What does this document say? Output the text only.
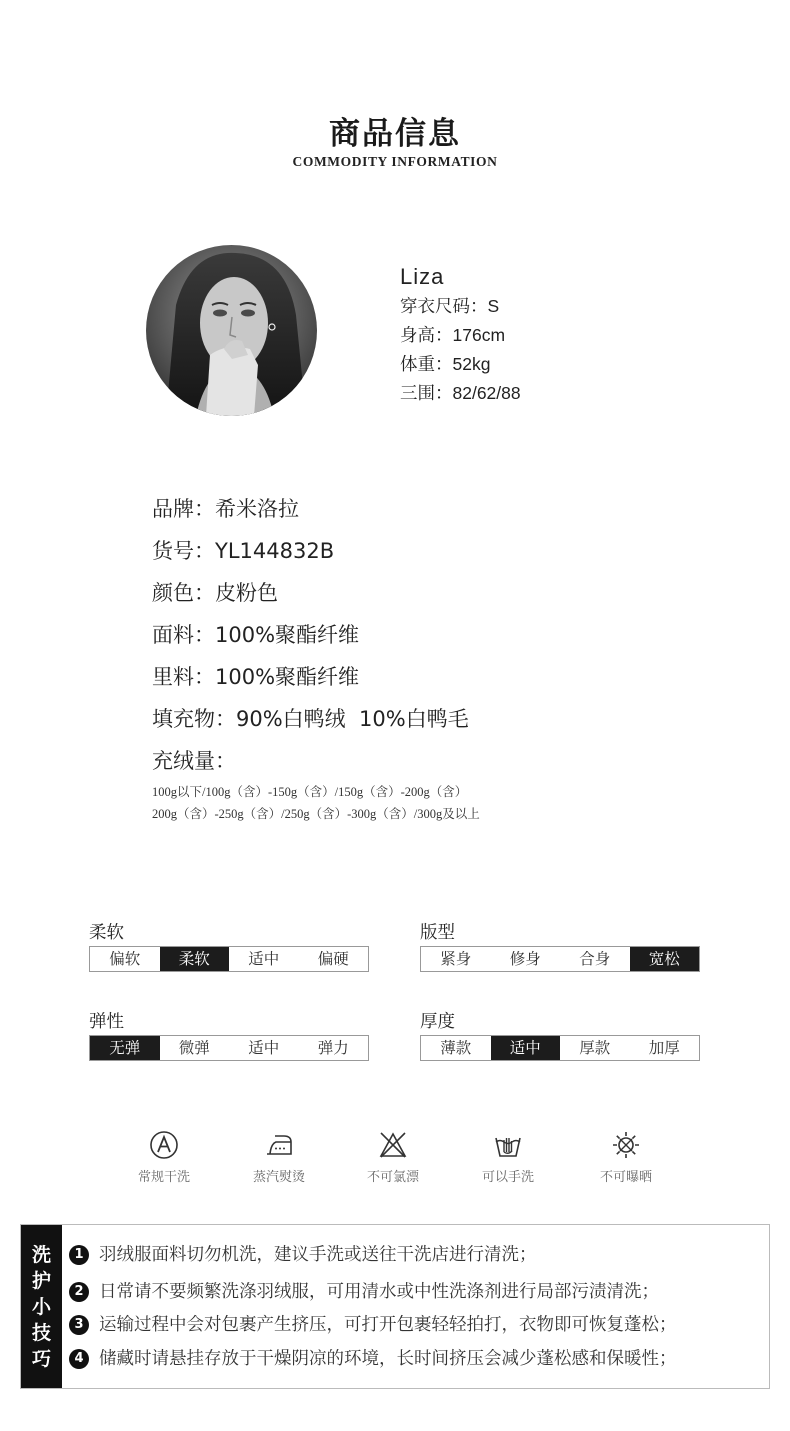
商品信息
COMMODITY INFORMATION
Liza
穿衣尺码：S
身高：176cm
体重：52kg
三围：82/62/88
品牌：希米洛拉
货号：YL144832B
颜色：皮粉色
面料：100%聚酯纤维
里料：100%聚酯纤维
填充物：90%白鸭绒  10%白鸭毛
充绒量：
100g以下/100g（含）-150g（含）/150g（含）-200g（含）
200g（含）-250g（含）/250g（含）-300g（含）/300g及以上
柔软
偏软	柔软	适中	偏硬
版型
紧身	修身	合身	宽松
弹性
无弹	微弹	适中	弹力
厚度
薄款	适中	厚款	加厚
常规干洗	蒸汽熨烫	不可氯漂	可以手洗	不可曝晒
洗
护
小
技
巧
1 羽绒服面料切勿机洗，建议手洗或送往干洗店进行清洗；
2 日常请不要频繁洗涤羽绒服，可用清水或中性洗涤剂进行局部污渍清洗；
3 运输过程中会对包裹产生挤压，可打开包裹轻轻拍打，衣物即可恢复蓬松；
4 储藏时请悬挂存放于干燥阴凉的环境，长时间挤压会减少蓬松感和保暖性；
